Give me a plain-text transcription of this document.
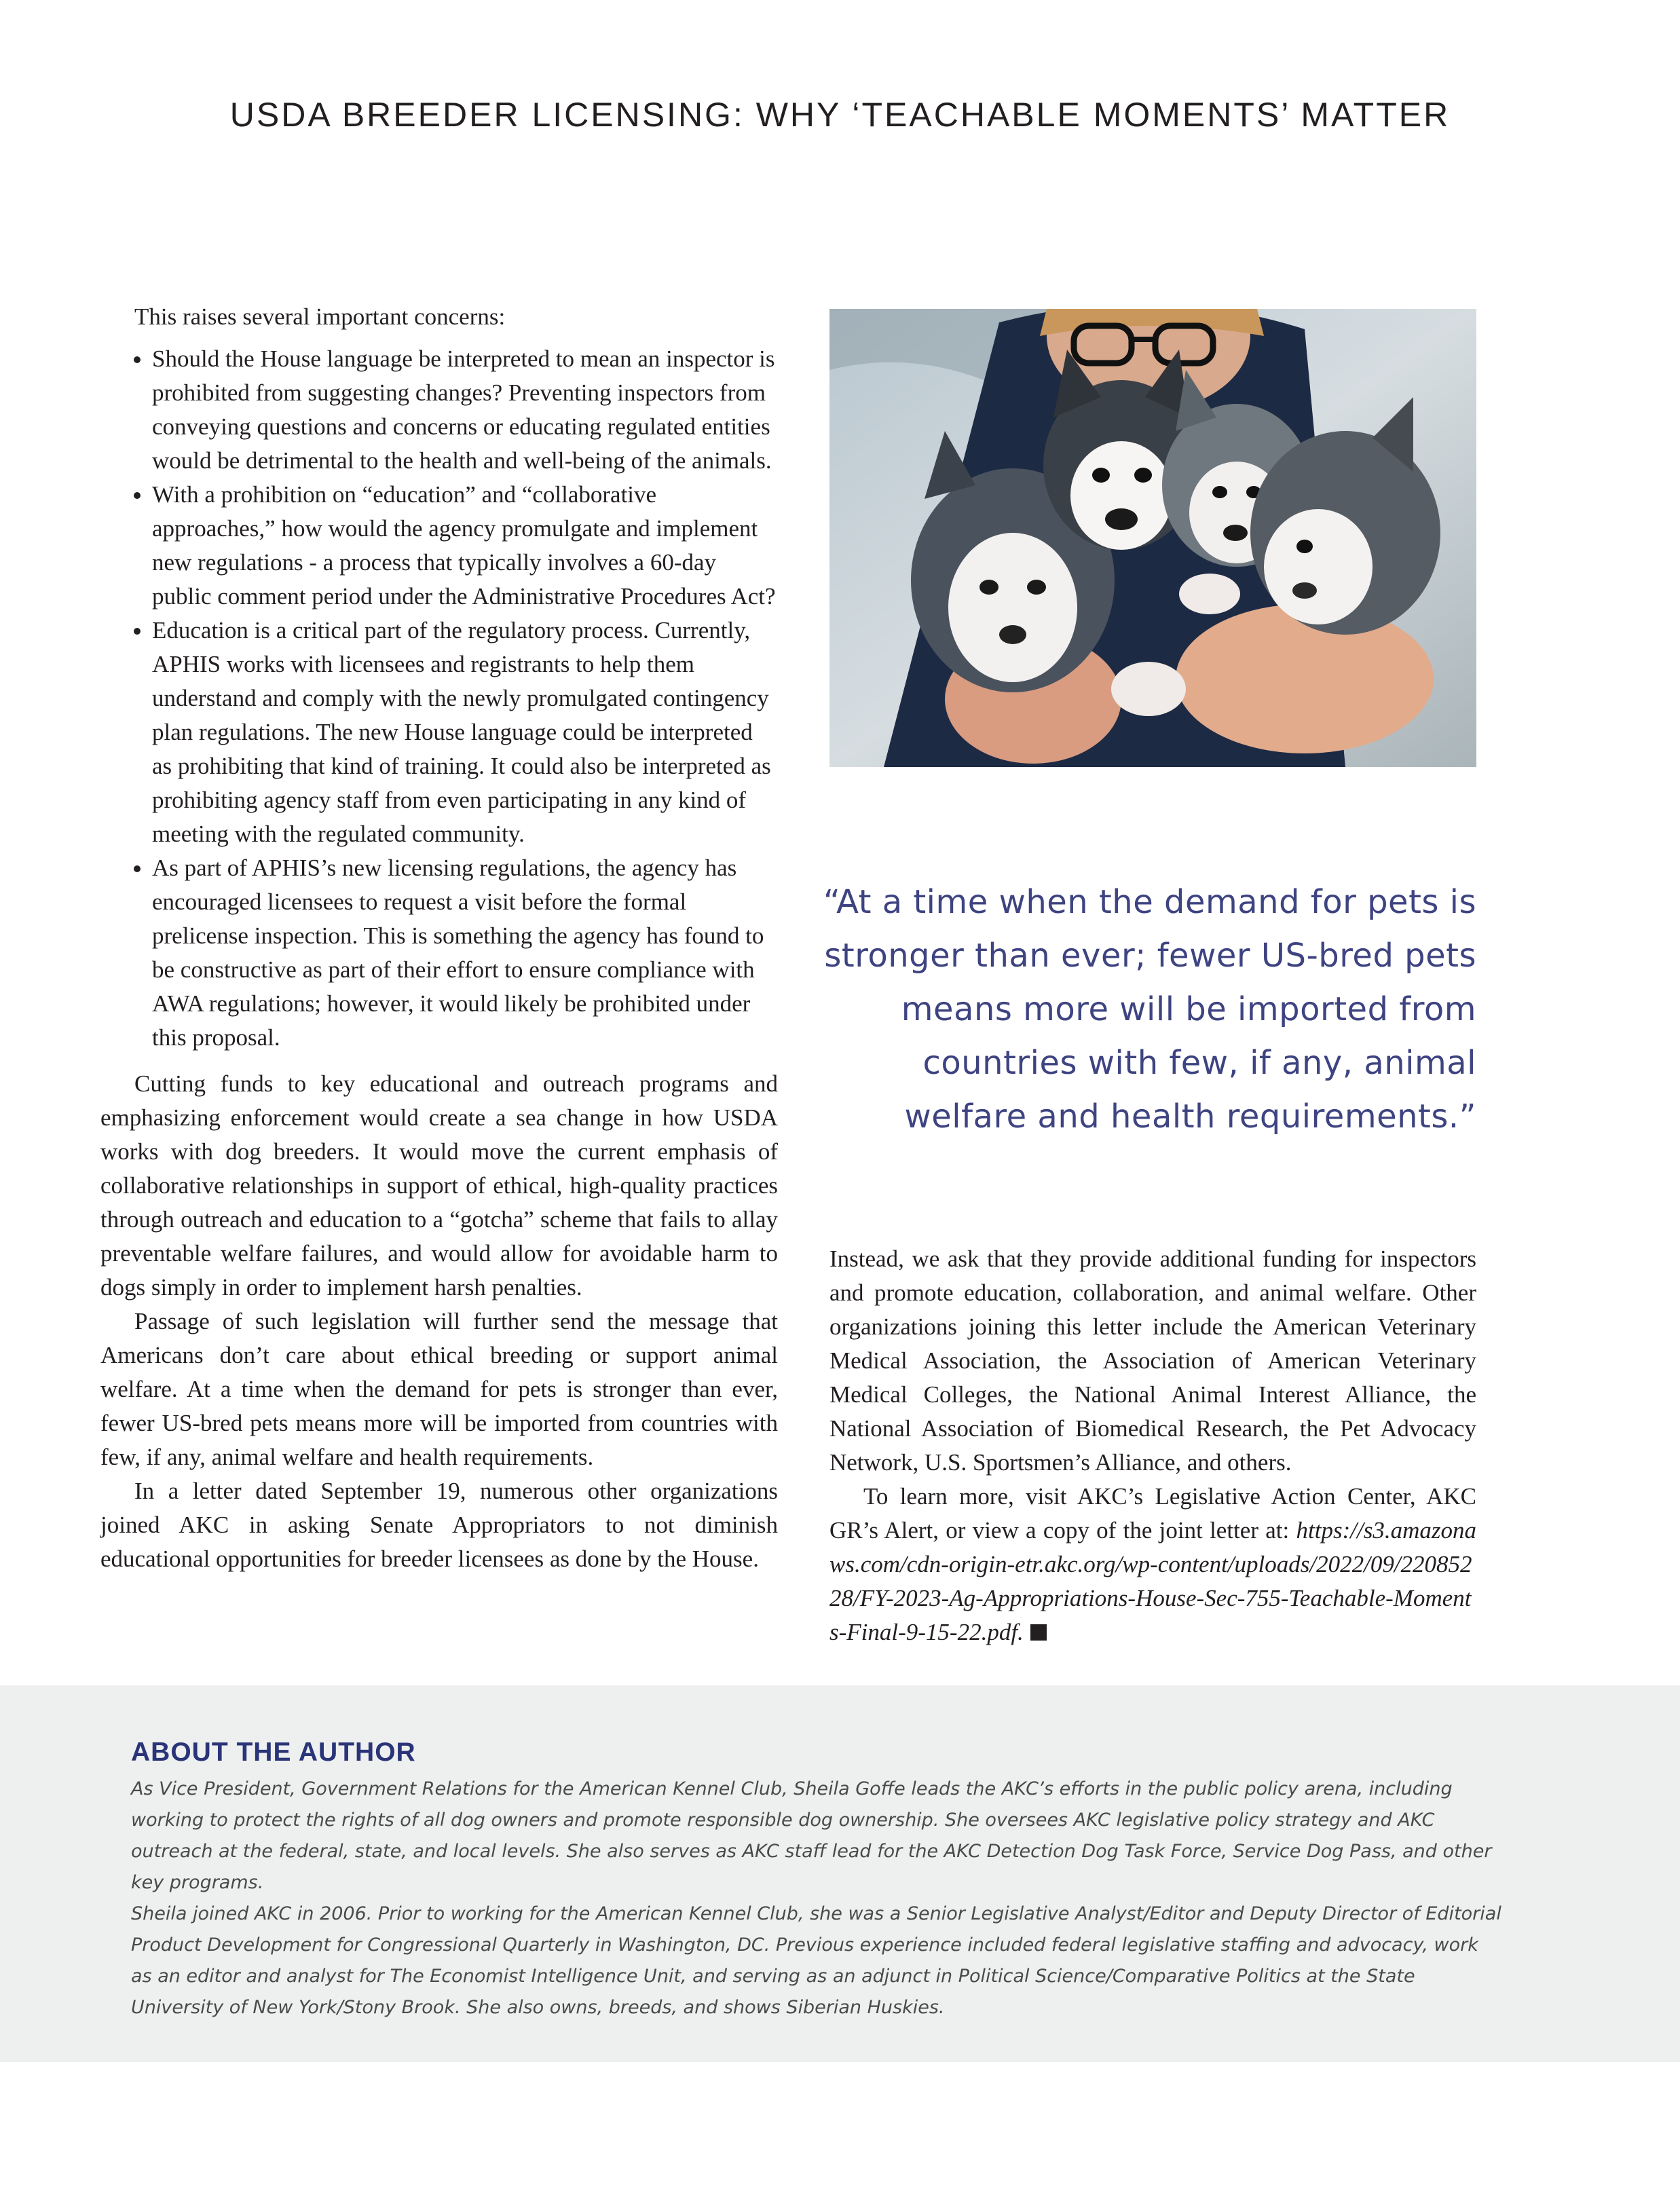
USDA BREEDER LICENSING: WHY ‘TEACHABLE MOMENTS’ MATTER

This raises several important concerns:

• Should the House language be interpreted to mean an inspector is prohibited from suggesting changes? Preventing inspectors from conveying questions and concerns or educating regulated entities would be detrimental to the health and well-being of the animals.
• With a prohibition on “education” and “collaborative approaches,” how would the agency promulgate and implement new regulations - a process that typically involves a 60-day public comment period under the Administrative Procedures Act?
• Education is a critical part of the regulatory process. Currently, APHIS works with licensees and registrants to help them understand and comply with the newly promulgated contingency plan regulations. The new House language could be interpreted as prohibiting that kind of training. It could also be interpreted as prohibiting agency staff from even participating in any kind of meeting with the regulated community.
• As part of APHIS’s new licensing regulations, the agency has encouraged licensees to request a visit before the formal prelicense inspection. This is something the agency has found to be constructive as part of their effort to ensure compliance with AWA regulations; however, it would likely be prohibited under this proposal.

Cutting funds to key educational and outreach programs and emphasizing enforcement would create a sea change in how USDA works with dog breeders. It would move the current emphasis of collaborative relationships in support of ethical, high-quality practices through outreach and education to a “gotcha” scheme that fails to allay preventable welfare failures, and would allow for avoidable harm to dogs simply in order to implement harsh penalties.

Passage of such legislation will further send the message that Americans don’t care about ethical breeding or support animal welfare. At a time when the demand for pets is stronger than ever, fewer US-bred pets means more will be imported from countries with few, if any, animal welfare and health requirements.

In a letter dated September 19, numerous other organizations joined AKC in asking Senate Appropriators to not diminish educational opportunities for breeder licensees as done by the House.

“At a time when the demand for pets is stronger than ever; fewer US-bred pets means more will be imported from countries with few, if any, animal welfare and health requirements.”

Instead, we ask that they provide additional funding for inspectors and promote education, collaboration, and animal welfare. Other organizations joining this letter include the American Veterinary Medical Association, the Association of American Veterinary Medical Colleges, the National Animal Interest Alliance, the National Association of Biomedical Research, the Pet Advocacy Network, U.S. Sportsmen’s Alliance, and others.

To learn more, visit AKC’s Legislative Action Center, AKC GR’s Alert, or view a copy of the joint letter at: https://s3.amazonaws.com/cdn-origin-etr.akc.org/wp-content/uploads/2022/09/22085228/FY-2023-Ag-Appropriations-House-Sec-755-Teachable-Moments-Final-9-15-22.pdf.

ABOUT THE AUTHOR

As Vice President, Government Relations for the American Kennel Club, Sheila Goffe leads the AKC’s efforts in the public policy arena, including working to protect the rights of all dog owners and promote responsible dog ownership. She oversees AKC legislative policy strategy and AKC outreach at the federal, state, and local levels. She also serves as AKC staff lead for the AKC Detection Dog Task Force, Service Dog Pass, and other key programs.

Sheila joined AKC in 2006. Prior to working for the American Kennel Club, she was a Senior Legislative Analyst/Editor and Deputy Director of Editorial Product Development for Congressional Quarterly in Washington, DC. Previous experience included federal legislative staffing and advocacy, work as an editor and analyst for The Economist Intelligence Unit, and serving as an adjunct in Political Science/Comparative Politics at the State University of New York/Stony Brook. She also owns, breeds, and shows Siberian Huskies.
